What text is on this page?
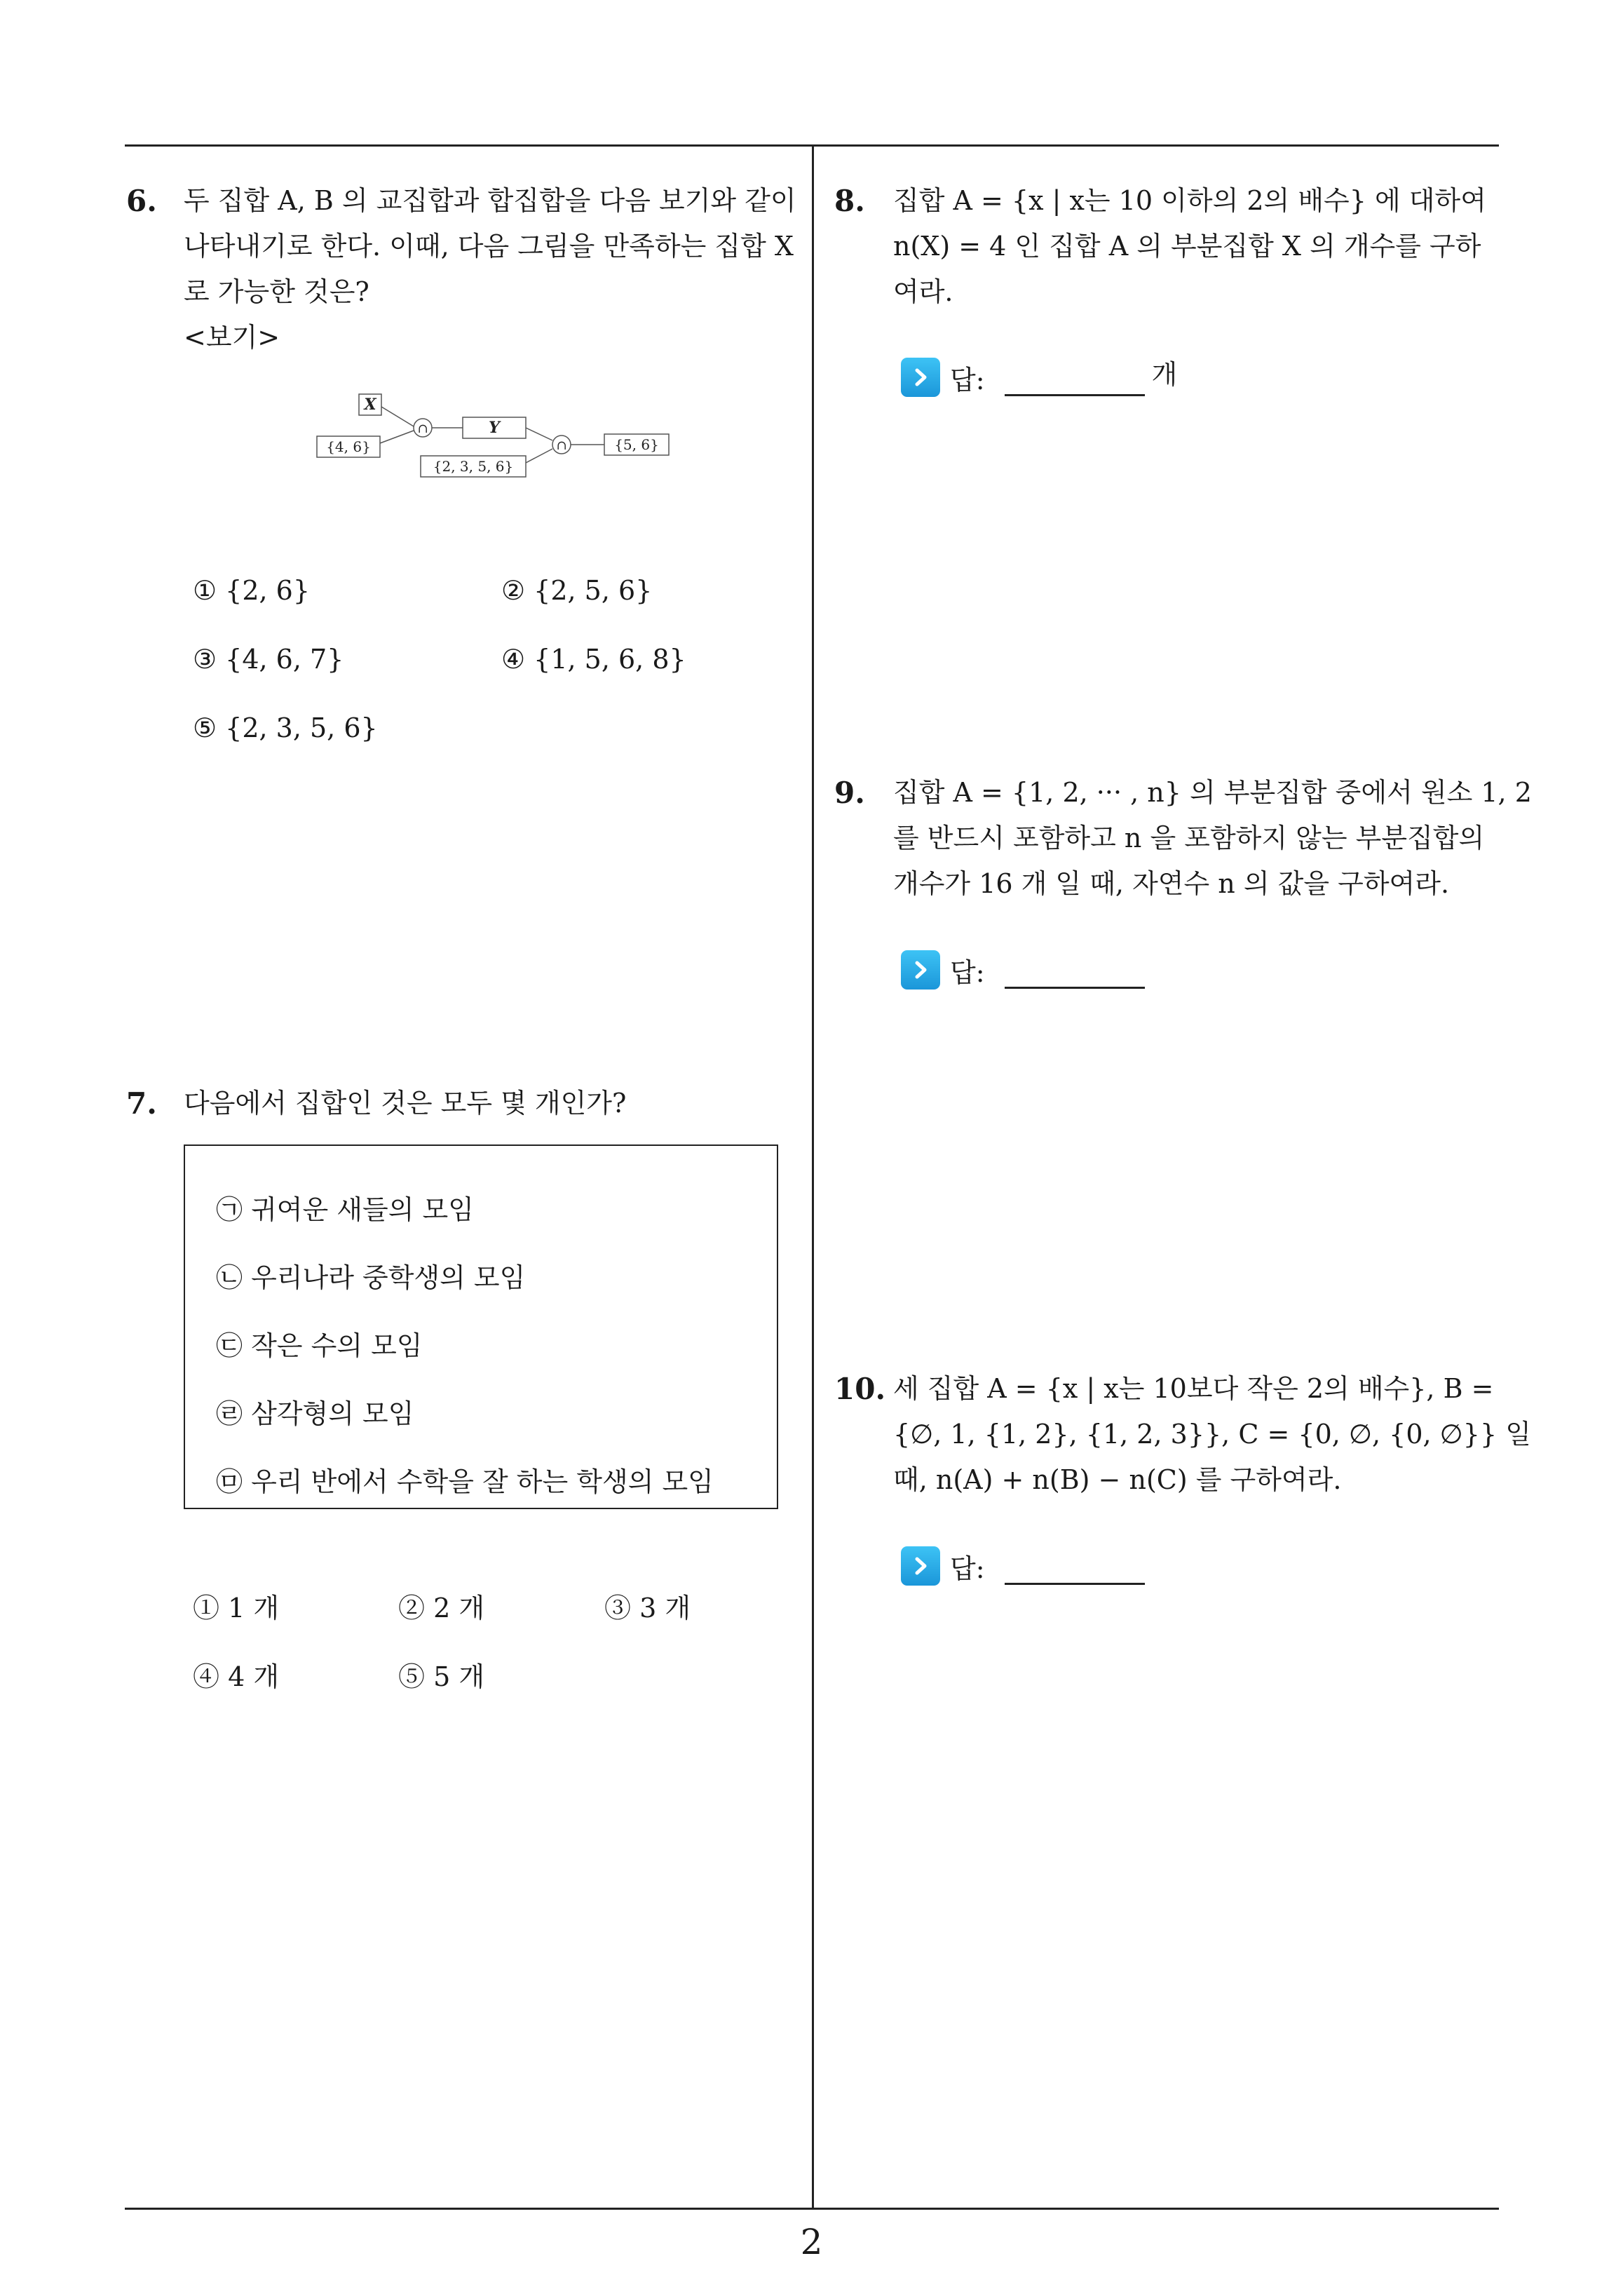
6. 두 집합 A, B 의 교집합과 합집합을 다음 보기와 같이
나타내기로 한다. 이때, 다음 그림을 만족하는 집합 X
로 가능한 것은?
<보기>
X
{4, 6}
∩	Y
{2, 3, 5, 6}
∩	{5, 6}
① {2, 6}	② {2, 5, 6}
③ {4, 6, 7}	④ {1, 5, 6, 8}
⑤ {2, 3, 5, 6}
7. 다음에서 집합인 것은 모두 몇 개인가?
㉠ 귀여운 새들의 모임
㉡ 우리나라 중학생의 모임
㉢ 작은 수의 모임
㉣ 삼각형의 모임
㉤ 우리 반에서 수학을 잘 하는 학생의 모임
① 1 개	② 2 개	③ 3 개
④ 4 개	⑤ 5 개
8. 집합 A = {x | x는 10 이하의 2의 배수} 에 대하여
n(X) = 4 인 집합 A 의 부분집합 X 의 개수를 구하
여라.
답:	개
9. 집합 A = {1, 2, ··· , n} 의 부분집합 중에서 원소 1, 2
를 반드시 포함하고 n 을 포함하지 않는 부분집합의
개수가 16 개 일 때, 자연수 n 의 값을 구하여라.
답:
10. 세 집합 A = {x | x는 10보다 작은 2의 배수}, B =
{∅, 1, {1, 2}, {1, 2, 3}}, C = {0, ∅, {0, ∅}} 일
때, n(A) + n(B) − n(C) 를 구하여라.
답:
2
